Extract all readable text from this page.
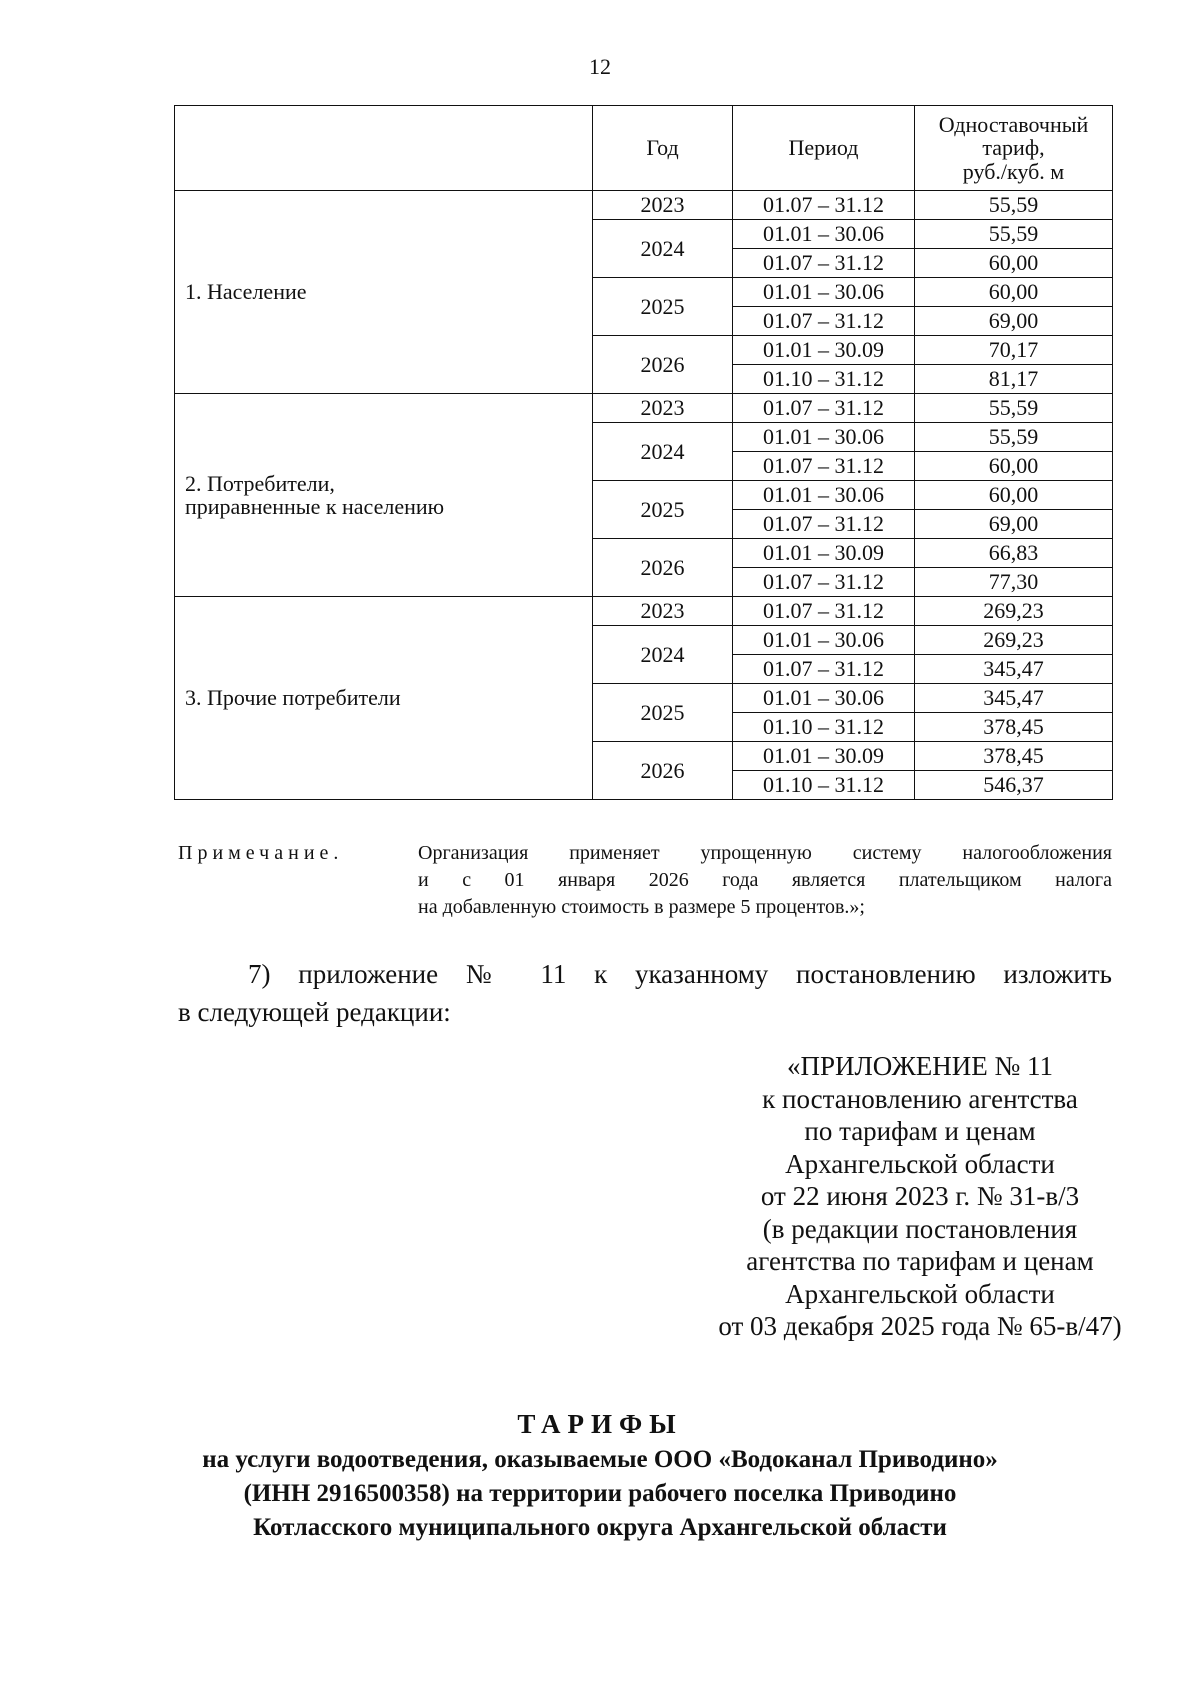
12
	Год	Период	Одноставочный
тариф,
руб./куб. м

1. Население	2023	01.07 – 31.12	55,59
	2024	01.01 – 30.06	55,59
		01.07 – 31.12	60,00
	2025	01.01 – 30.06	60,00
		01.07 – 31.12	69,00
	2026	01.01 – 30.09	70,17
		01.10 – 31.12	81,17

2. Потребители,
приравненные к населению	2023	01.07 – 31.12	55,59
	2024	01.01 – 30.06	55,59
		01.07 – 31.12	60,00
	2025	01.01 – 30.06	60,00
		01.07 – 31.12	69,00
	2026	01.01 – 30.09	66,83
		01.07 – 31.12	77,30

3. Прочие потребители	2023	01.07 – 31.12	269,23
	2024	01.01 – 30.06	269,23
		01.07 – 31.12	345,47
	2025	01.01 – 30.06	345,47
		01.10 – 31.12	378,45
	2026	01.01 – 30.09	378,45
		01.10 – 31.12	546,37
Примечание.	Организация применяет упрощенную систему налогообложения
и с 01 января 2026 года является плательщиком налога
на добавленную стоимость в размере 5 процентов.»;
7) приложение № 11 к указанному постановлению изложить
в следующей редакции:
«ПРИЛОЖЕНИЕ № 11
к постановлению агентства
по тарифам и ценам
Архангельской области
от 22 июня 2023 г. № 31-в/3
(в редакции постановления
агентства по тарифам и ценам
Архангельской области
от 03 декабря 2025 года № 65-в/47)
ТАРИФЫ
на услуги водоотведения, оказываемые ООО «Водоканал Приводино»
(ИНН 2916500358) на территории рабочего поселка Приводино
Котласского муниципального округа Архангельской области
